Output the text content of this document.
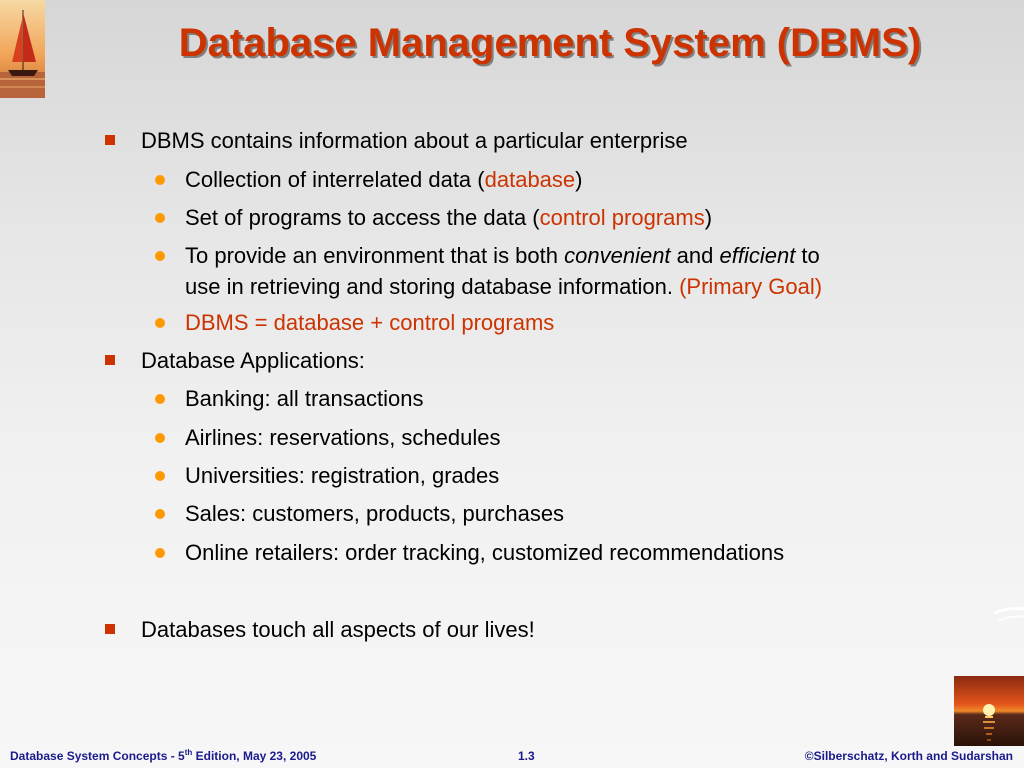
Database Management System (DBMS)
DBMS contains information about a particular enterprise
Collection of interrelated data (database)
Set of programs to access the data (control programs)
To provide an environment that is both convenient and efficient to
use in retrieving and storing database information. (Primary Goal)
DBMS = database + control programs
Database Applications:
Banking: all transactions
Airlines: reservations, schedules
Universities: registration, grades
Sales: customers, products, purchases
Online retailers: order tracking, customized recommendations
Databases touch all aspects of our lives!
Database System Concepts - 5th Edition, May 23, 2005	1.3	©Silberschatz, Korth and Sudarshan
